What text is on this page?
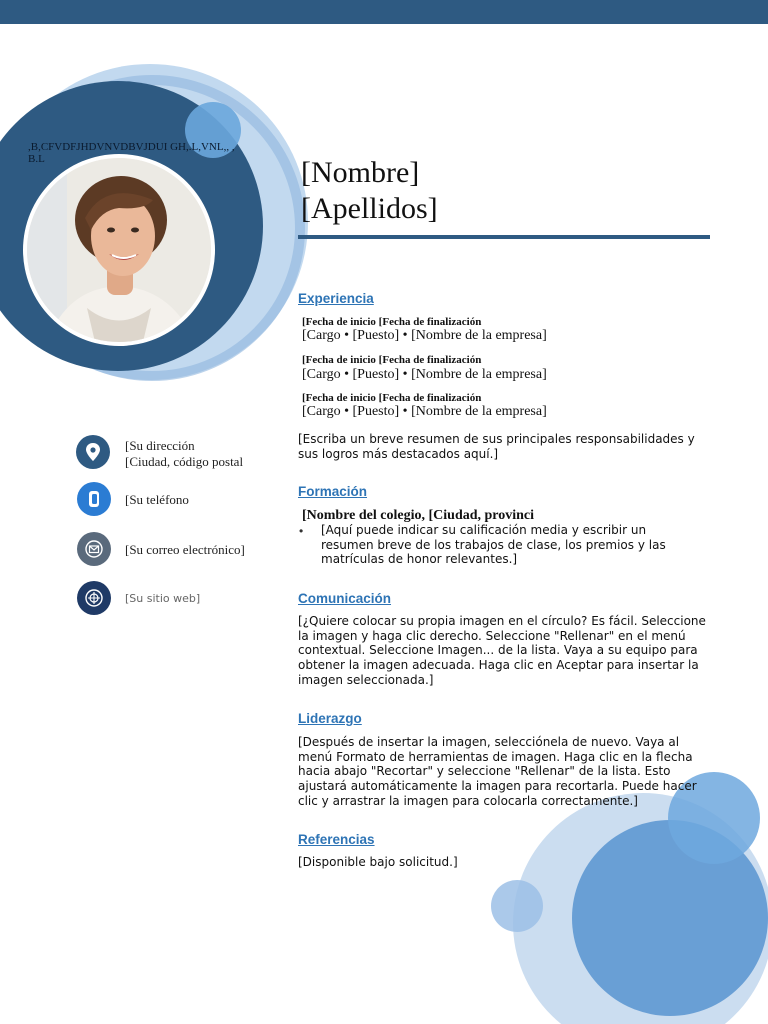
,B,CFVDFJHDVNVDBVJDUI GH,.L,VNL,, ,B.L	[Nombre]
[Apellidos]
[Su dirección
[Ciudad, código postal
[Su teléfono
[Su correo electrónico]
[Su sitio web]
Experiencia
[Fecha de inicio [Fecha de finalización
[Cargo • [Puesto] • [Nombre de la empresa]
[Fecha de inicio [Fecha de finalización
[Cargo • [Puesto] • [Nombre de la empresa]
[Fecha de inicio [Fecha de finalización
[Cargo • [Puesto] • [Nombre de la empresa]
[Escriba un breve resumen de sus principales responsabilidades y sus logros más destacados aquí.]
Formación
[Nombre del colegio, [Ciudad, provinci
• [Aquí puede indicar su calificación media y escribir un resumen breve de los trabajos de clase, los premios y las matrículas de honor relevantes.]
Comunicación
[¿Quiere colocar su propia imagen en el círculo? Es fácil. Seleccione la imagen y haga clic derecho. Seleccione "Rellenar" en el menú contextual. Seleccione Imagen... de la lista. Vaya a su equipo para obtener la imagen adecuada. Haga clic en Aceptar para insertar la imagen seleccionada.]
Liderazgo
[Después de insertar la imagen, selecciónela de nuevo. Vaya al menú Formato de herramientas de imagen. Haga clic en la flecha hacia abajo "Recortar" y seleccione "Rellenar" de la lista. Esto ajustará automáticamente la imagen para recortarla. Puede hacer clic y arrastrar la imagen para colocarla correctamente.]
Referencias
[Disponible bajo solicitud.]
